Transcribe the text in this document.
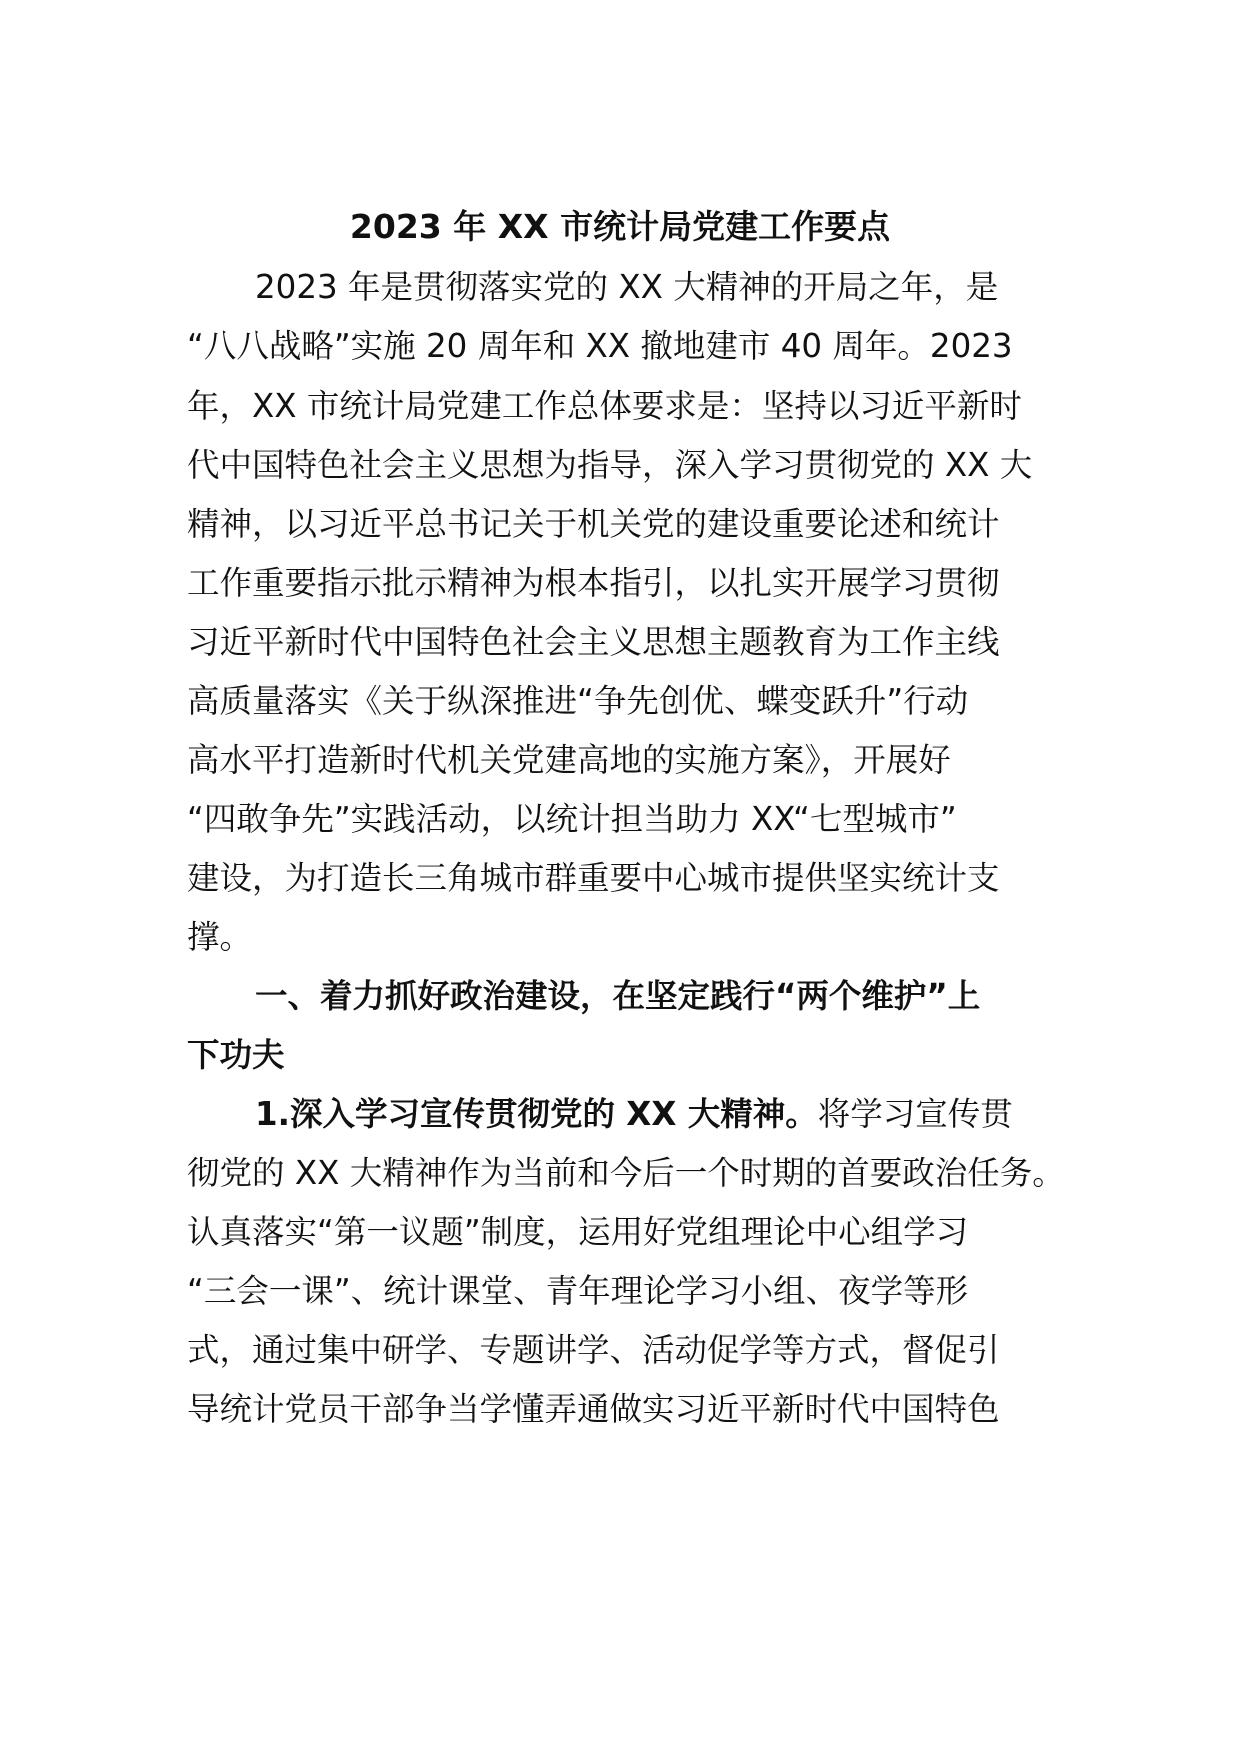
2023 年 XX 市统计局党建工作要点

2023 年是贯彻落实党的 XX 大精神的开局之年，是

“八八战略”实施 20 周年和 XX 撤地建市 40 周年。2023

年，XX 市统计局党建工作总体要求是：坚持以习近平新时

代中国特色社会主义思想为指导，深入学习贯彻党的 XX 大

精神，以习近平总书记关于机关党的建设重要论述和统计

工作重要指示批示精神为根本指引，以扎实开展学习贯彻

习近平新时代中国特色社会主义思想主题教育为工作主线

高质量落实《关于纵深推进“争先创优、蝶变跃升”行动

高水平打造新时代机关党建高地的实施方案》，开展好

“四敢争先”实践活动，以统计担当助力 XX“七型城市”

建设，为打造长三角城市群重要中心城市提供坚实统计支

撑。

一、着力抓好政治建设，在坚定践行“两个维护”上

下功夫

1.深入学习宣传贯彻党的 XX 大精神。将学习宣传贯

彻党的 XX 大精神作为当前和今后一个时期的首要政治任务。

认真落实“第一议题”制度，运用好党组理论中心组学习

“三会一课”、统计课堂、青年理论学习小组、夜学等形

式，通过集中研学、专题讲学、活动促学等方式，督促引

导统计党员干部争当学懂弄通做实习近平新时代中国特色
